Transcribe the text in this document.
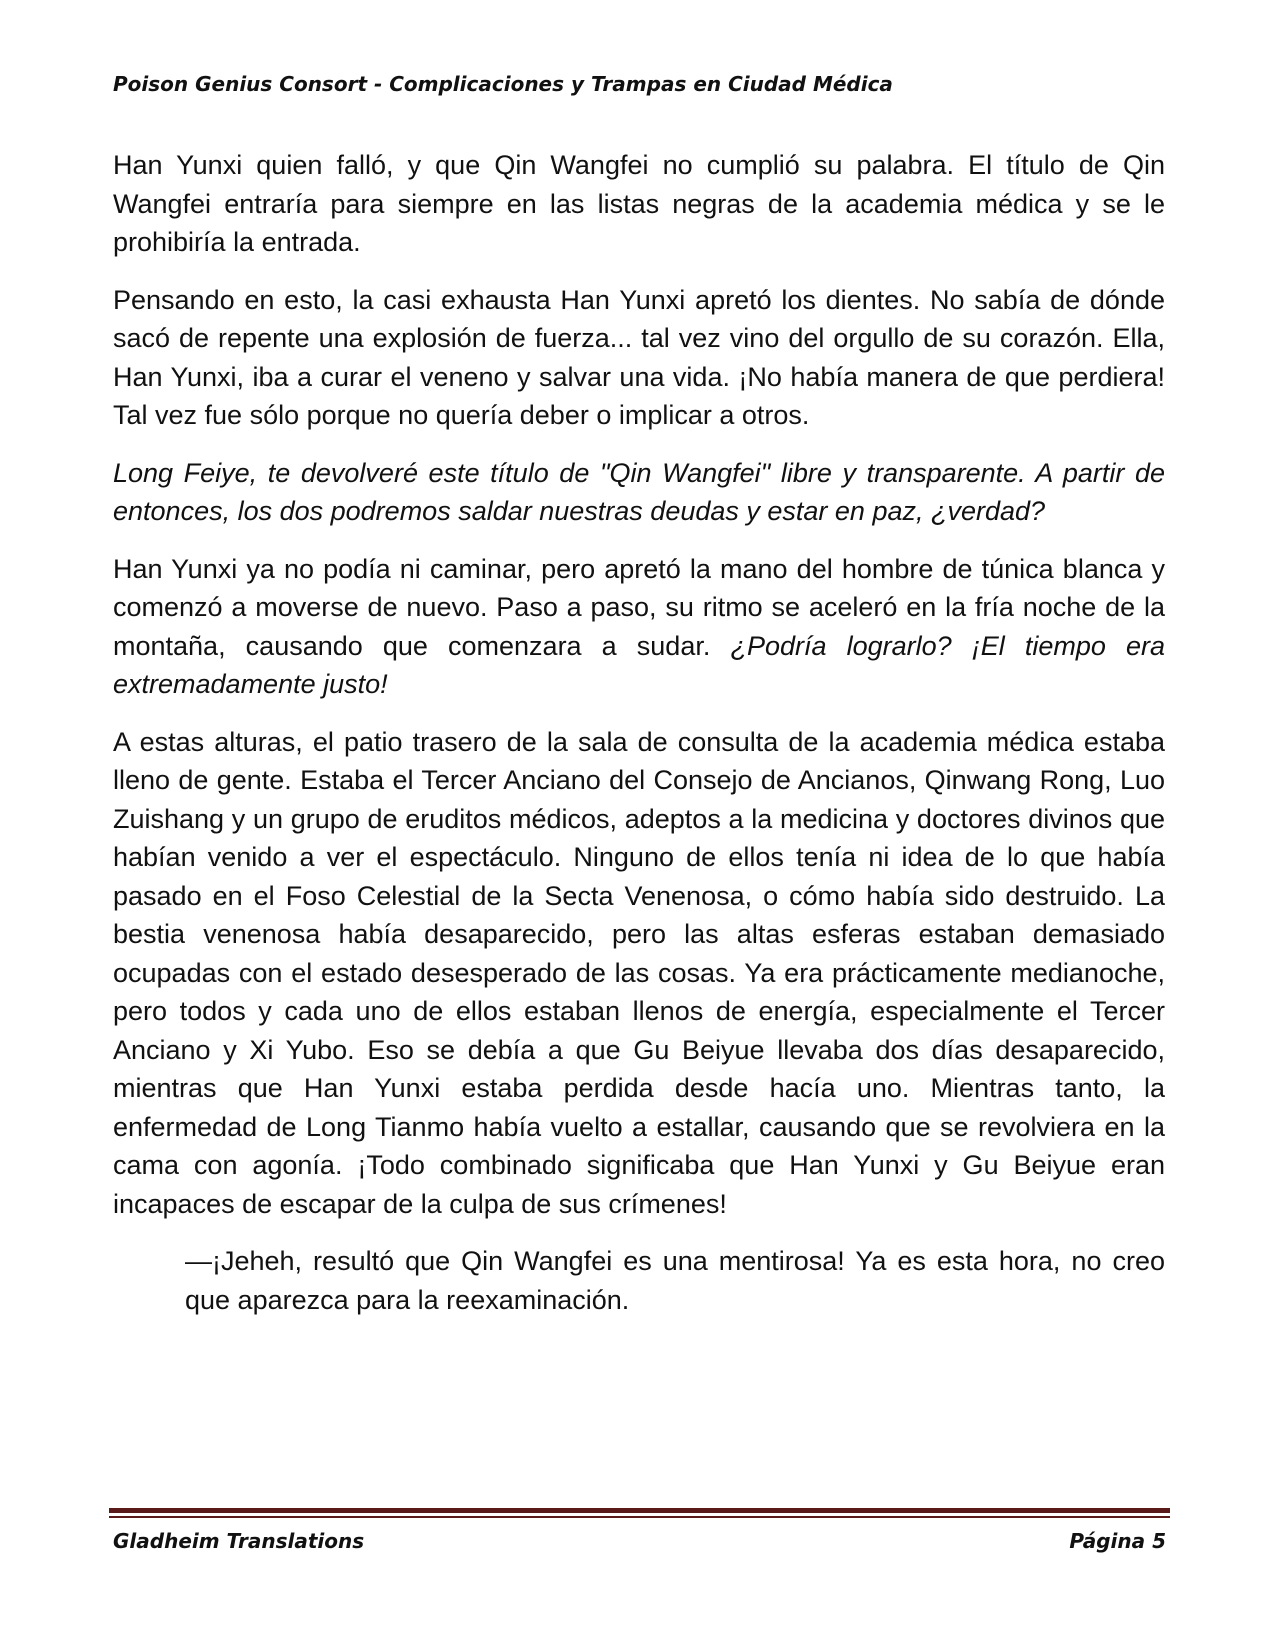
Poison Genius Consort - Complicaciones y Trampas en Ciudad Médica

Han Yunxi quien falló, y que Qin Wangfei no cumplió su palabra. El título de Qin Wangfei entraría para siempre en las listas negras de la academia médica y se le prohibiría la entrada.

Pensando en esto, la casi exhausta Han Yunxi apretó los dientes. No sabía de dónde sacó de repente una explosión de fuerza... tal vez vino del orgullo de su corazón. Ella, Han Yunxi, iba a curar el veneno y salvar una vida. ¡No había manera de que perdiera! Tal vez fue sólo porque no quería deber o implicar a otros.

Long Feiye, te devolveré este título de "Qin Wangfei" libre y transparente. A partir de entonces, los dos podremos saldar nuestras deudas y estar en paz, ¿verdad?

Han Yunxi ya no podía ni caminar, pero apretó la mano del hombre de túnica blanca y comenzó a moverse de nuevo. Paso a paso, su ritmo se aceleró en la fría noche de la montaña, causando que comenzara a sudar. ¿Podría lograrlo? ¡El tiempo era extremadamente justo!

A estas alturas, el patio trasero de la sala de consulta de la academia médica estaba lleno de gente. Estaba el Tercer Anciano del Consejo de Ancianos, Qinwang Rong, Luo Zuishang y un grupo de eruditos médicos, adeptos a la medicina y doctores divinos que habían venido a ver el espectáculo. Ninguno de ellos tenía ni idea de lo que había pasado en el Foso Celestial de la Secta Venenosa, o cómo había sido destruido. La bestia venenosa había desaparecido, pero las altas esferas estaban demasiado ocupadas con el estado desesperado de las cosas. Ya era prácticamente medianoche, pero todos y cada uno de ellos estaban llenos de energía, especialmente el Tercer Anciano y Xi Yubo. Eso se debía a que Gu Beiyue llevaba dos días desaparecido, mientras que Han Yunxi estaba perdida desde hacía uno. Mientras tanto, la enfermedad de Long Tianmo había vuelto a estallar, causando que se revolviera en la cama con agonía. ¡Todo combinado significaba que Han Yunxi y Gu Beiyue eran incapaces de escapar de la culpa de sus crímenes!

—¡Jeheh, resultó que Qin Wangfei es una mentirosa! Ya es esta hora, no creo que aparezca para la reexaminación.

Gladheim Translations	Página 5
